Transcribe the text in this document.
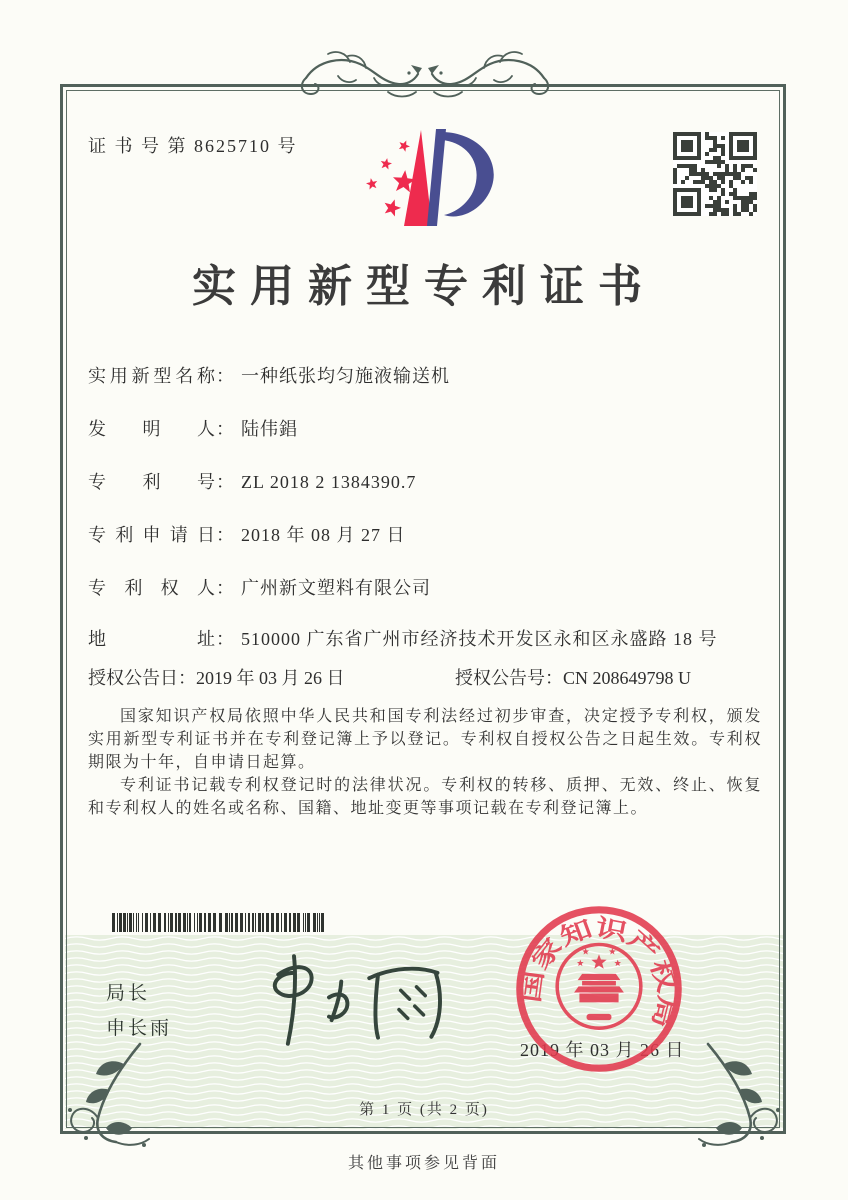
证 书 号 第 8625710 号
实用新型专利证书
实用新型名称： 一种纸张均匀施液输送机
发明人： 陆伟錩
专利号： ZL 2018 2 1384390.7
专利申请日： 2018 年 08 月 27 日
专利权人： 广州新文塑料有限公司
地址： 510000 广东省广州市经济技术开发区永和区永盛路 18 号
授权公告日：2019 年 03 月 26 日	授权公告号：CN 208649798 U

国家知识产权局依照中华人民共和国专利法经过初步审查，决定授予专利权，颁发实用新型专利证书并在专利登记簿上予以登记。专利权自授权公告之日起生效。专利权期限为十年，自申请日起算。

专利证书记载专利权登记时的法律状况。专利权的转移、质押、无效、终止、恢复和专利权人的姓名或名称、国籍、地址变更等事项记载在专利登记簿上。

局长
申长雨
2019 年 03 月 26 日
国家知识产权局
第 1 页 (共 2 页)
其他事项参见背面
